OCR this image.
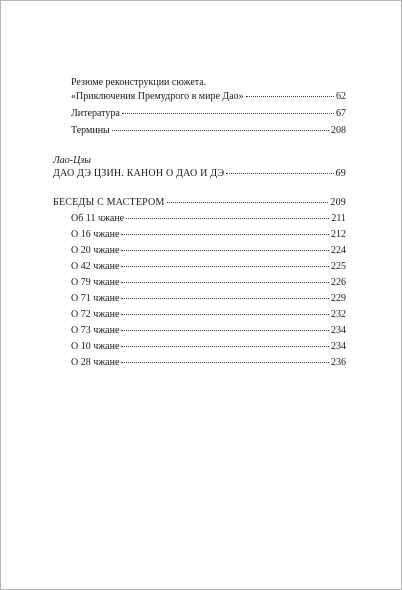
Резюме реконструкции сюжета.
«Приключения Премудрого в мире Дао»	62
Литература	67
Термины	208
Лао-Цзы
ДАО ДЭ ЦЗИН. КАНОН О ДАО И ДЭ	69
БЕСЕДЫ С МАСТЕРОМ	209
Об 11 чжане	211
О 16 чжане	212
О 20 чжане	224
О 42 чжане	225
О 79 чжане	226
О 71 чжане	229
О 72 чжане	232
О 73 чжане	234
О 10 чжане	234
О 28 чжане	236
